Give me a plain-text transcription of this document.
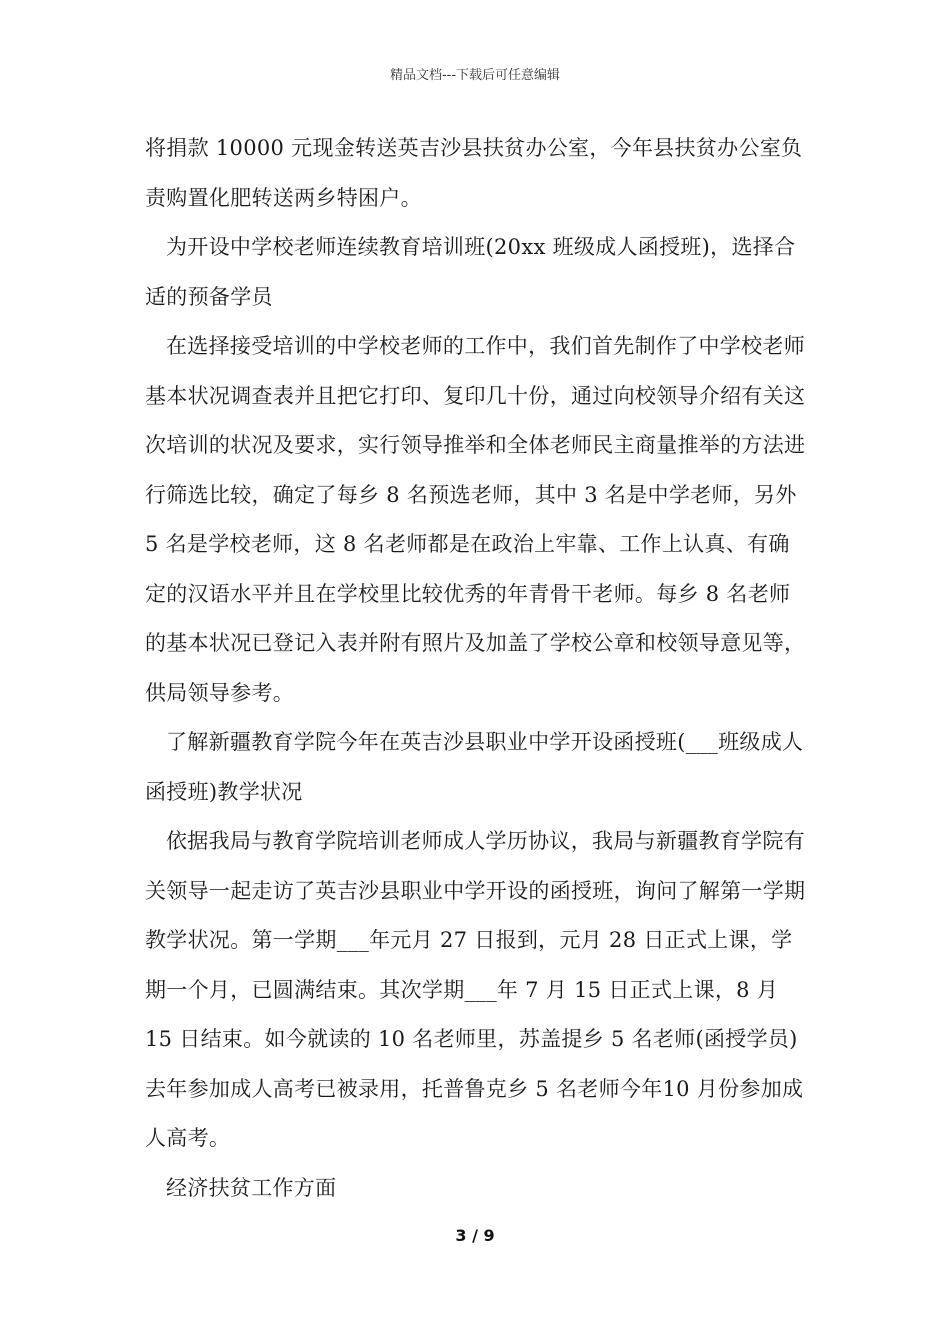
精品文档---下载后可任意编辑

将捐款 10000 元现金转送英吉沙县扶贫办公室，今年县扶贫办公室负责购置化肥转送两乡特困户。

为开设中学校老师连续教育培训班(20xx 班级成人函授班)，选择合适的预备学员

在选择接受培训的中学校老师的工作中，我们首先制作了中学校老师基本状况调查表并且把它打印、复印几十份，通过向校领导介绍有关这次培训的状况及要求，实行领导推举和全体老师民主商量推举的方法进行筛选比较，确定了每乡 8 名预选老师，其中 3 名是中学老师，另外 5 名是学校老师，这 8 名老师都是在政治上牢靠、工作上认真、有确定的汉语水平并且在学校里比较优秀的年青骨干老师。每乡 8 名老师的基本状况已登记入表并附有照片及加盖了学校公章和校领导意见等，供局领导参考。

了解新疆教育学院今年在英吉沙县职业中学开设函授班(___班级成人函授班)教学状况

依据我局与教育学院培训老师成人学历协议，我局与新疆教育学院有关领导一起走访了英吉沙县职业中学开设的函授班，询问了解第一学期教学状况。第一学期___年元月 27 日报到，元月 28 日正式上课，学期一个月，已圆满结束。其次学期___年 7 月 15 日正式上课，8 月 15 日结束。如今就读的 10 名老师里，苏盖提乡 5 名老师(函授学员)去年参加成人高考已被录用，托普鲁克乡 5 名老师今年10 月份参加成人高考。

经济扶贫工作方面

3 / 9
